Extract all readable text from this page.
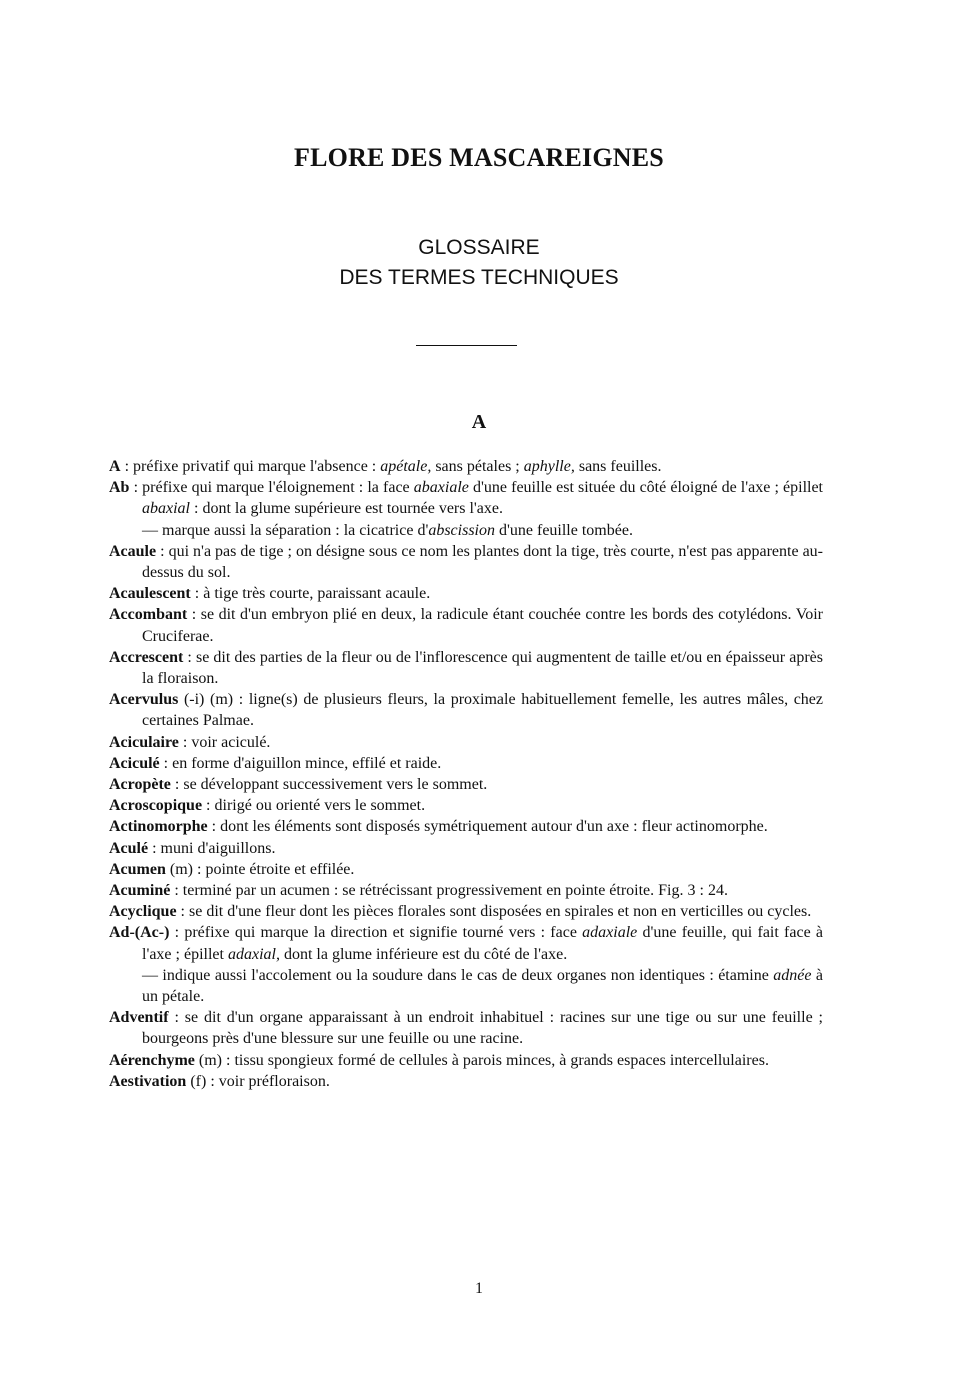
FLORE DES MASCAREIGNES
GLOSSAIRE
DES TERMES TECHNIQUES
A

A : préfixe privatif qui marque l'absence : apétale, sans pétales ; aphylle, sans feuilles.

Ab : préfixe qui marque l'éloignement : la face abaxiale d'une feuille est située du côté éloigné de l'axe ; épillet abaxial : dont la glume supérieure est tournée vers l'axe.

— marque aussi la séparation : la cicatrice d'abscission d'une feuille tombée.

Acaule : qui n'a pas de tige ; on désigne sous ce nom les plantes dont la tige, très courte, n'est pas apparente au-dessus du sol.

Acaulescent : à tige très courte, paraissant acaule.

Accombant : se dit d'un embryon plié en deux, la radicule étant couchée contre les bords des cotylédons. Voir Cruciferae.

Accrescent : se dit des parties de la fleur ou de l'inflorescence qui augmentent de taille et/ou en épaisseur après la floraison.

Acervulus (-i) (m) : ligne(s) de plusieurs fleurs, la proximale habituellement femelle, les autres mâles, chez certaines Palmae.

Aciculaire : voir aciculé.

Aciculé : en forme d'aiguillon mince, effilé et raide.

Acropète : se développant successivement vers le sommet.

Acroscopique : dirigé ou orienté vers le sommet.

Actinomorphe : dont les éléments sont disposés symétriquement autour d'un axe : fleur actinomorphe.

Aculé : muni d'aiguillons.

Acumen (m) : pointe étroite et effilée.

Acuminé : terminé par un acumen : se rétrécissant progressivement en pointe étroite. Fig. 3 : 24.

Acyclique : se dit d'une fleur dont les pièces florales sont disposées en spirales et non en verticilles ou cycles.

Ad-(Ac-) : préfixe qui marque la direction et signifie tourné vers : face adaxiale d'une feuille, qui fait face à l'axe ; épillet adaxial, dont la glume inférieure est du côté de l'axe.

— indique aussi l'accolement ou la soudure dans le cas de deux organes non identiques : étamine adnée à un pétale.

Adventif : se dit d'un organe apparaissant à un endroit inhabituel : racines sur une tige ou sur une feuille ; bourgeons près d'une blessure sur une feuille ou une racine.

Aérenchyme (m) : tissu spongieux formé de cellules à parois minces, à grands espaces intercellulaires.

Aestivation (f) : voir préfloraison.

1
